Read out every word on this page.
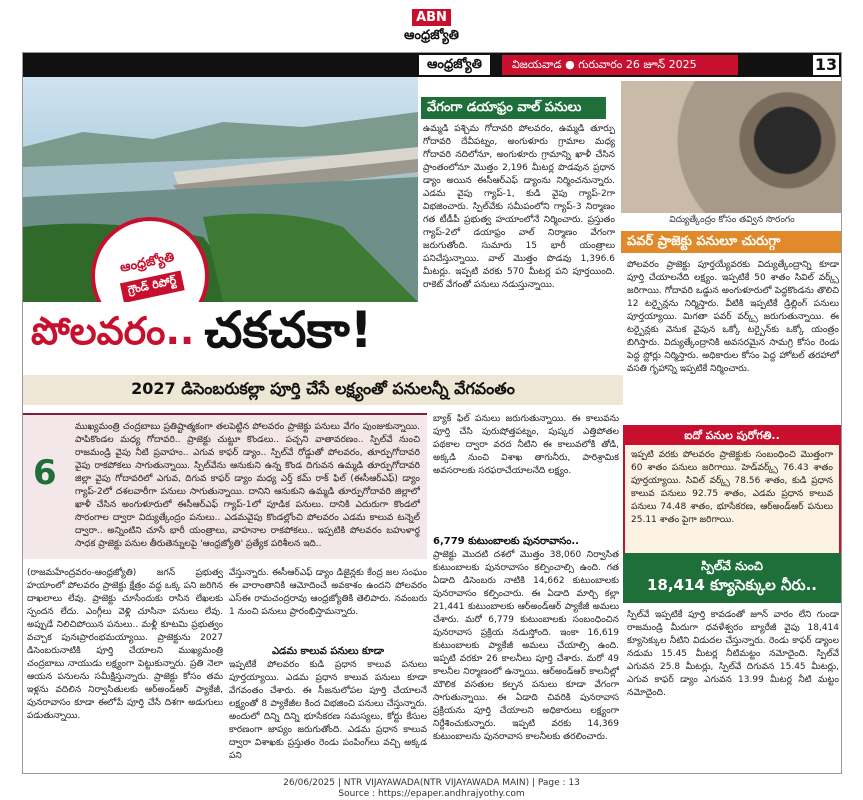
ABN
ఆంధ్రజ్యోతి
ఆంధ్రజ్యోతి	విజయవాడ ● గురువారం 26 జూన్ 2025	13
ఆంధ్రజ్యోతి
గ్రౌండ్ రిపోర్ట్
వేగంగా డయాఫ్రం వాల్ పనులు

ఉమ్మడి పశ్చిమ గోదావరి పోలవరం, ఉమ్మడి తూర్పు గోదావరి దేవీపట్నం, అంగుళూరు గ్రామాల మధ్య గోదావరి నదిలోనూ, అంగుళూరు గ్రామాన్ని ఖాళీ చేసిన ప్రాంతంలోనూ మొత్తం 2,196 మీటర్ల పొడవున ప్రధాన డ్యాం అయిన ఈసీఆర్ఎఫ్ డ్యాంను నిర్మించనున్నారు. ఎడమ వైపు గ్యాప్-1, కుడి వైపు గ్యాప్-2గా విభజించారు. స్పిల్‌వేకు సమీపంలోని గ్యాప్-3 నిర్మాణం గత టీడీపీ ప్రభుత్వ హయాంలోనే నిర్మించారు. ప్రస్తుతం గ్యాప్-2లో డయాఫ్రం వాల్ నిర్మాణం వేగంగా జరుగుతోంది. సుమారు 15 భారీ యంత్రాలు పనిచేస్తున్నాయి. వాల్ మొత్తం పొడవు 1,396.6 మీటర్లు. ఇప్పటి వరకు 570 మీటర్ల పని పూర్తయింది. రాకెట్ వేగంతో పనులు నడుస్తున్నాయి.

విద్యుత్కేంద్రం కోసం తవ్విన సొరంగం
పవర్ ప్రాజెక్టు పనులూ చురుగ్గా

పోలవరం ప్రాజెక్టు పూర్తయ్యేవరకు విద్యుత్కేంద్రాన్ని కూడా పూర్తి చేయాలనేది లక్ష్యం. ఇప్పటికే 50 శాతం సివిల్ వర్క్స్ జరిగాయి. గోదావరి ఒడ్డున అంగుళూరులో పెద్దకొండను తొలిచి 12 టర్బైన్లను నిర్మిస్తారు. వీటికి ఇప్పటికే డ్రిల్లింగ్ పనులు పూర్తయ్యాయి. మిగతా పవర్ వర్క్స్ జరుగుతున్నాయి. ఈ టర్బైన్లకు వెనుక వైపున ఒక్కో టర్బైన్‌కు ఒక్కో యంత్రం బిగిస్తారు. విద్యుత్కేంద్రానికి అవసరమైన సామగ్రి కోసం రెండు పెద్ద స్టోర్లు నిర్మిస్తారు. అధికారుల కోసం పెద్ద హోటల్ తరహాలో వసతి గృహాన్ని ఇప్పటికే నిర్మించారు.

ఐదో పనుల పురోగతి..

ఇప్పటి వరకు పోలవరం ప్రాజెక్టుకు సంబంధించి మొత్తంగా 60 శాతం పనులు జరిగాయి. హెడ్‌వర్క్స్ 76.43 శాతం పూర్తయ్యాయి. సివిల్ వర్క్స్ 78.56 శాతం, కుడి ప్రధాన కాలువ పనులు 92.75 శాతం, ఎడమ ప్రధాన కాలువ పనులు 74.48 శాతం, భూసేకరణ, ఆర్అండ్ఆర్ పనులు 25.11 శాతం పైగా జరిగాయి.

స్పిల్‌వే నుంచి
18,414 క్యూసెక్కుల నీరు..

స్పిల్‌వే ఇప్పటికే పూర్తి కావడంతో జూన్ వారం లేని గుండా రాజమండ్రి మీదుగా ధవళేశ్వరం బ్యారేజీ వైపు 18,414 క్యూసెక్కుల నీటిని విడుదల చేస్తున్నారు. రెండు కాఫర్ డ్యాంల నడుమ 15.45 మీటర్ల నీటిమట్టం నమోదైంది. స్పిల్‌వే ఎగువన 25.8 మీటర్లు, స్పిల్‌వే దిగువన 15.45 మీటర్లు, ఎగువ కాఫర్ డ్యాం ఎగువన 13.99 మీటర్ల నీటి మట్టం నమోదైంది.

పోలవరం.. చకచకా!
2027 డిసెంబరుకల్లా పూర్తి చేసే లక్ష్యంతో పనులన్నీ వేగవంతం
6

ముఖ్యమంత్రి చంద్రబాబు ప్రతిష్టాత్మకంగా తలపెట్టిన పోలవరం ప్రాజెక్టు పనులు వేగం పుంజుకున్నాయి. పాపికొండల మధ్య గోదావరి.. ప్రాజెక్టు చుట్టూ కొండలు.. పచ్చని వాతావరణం.. స్పిల్‌వే నుంచి రాజమండ్రి వైపు నీటి ప్రవాహం.. ఎగువ కాఫర్ డ్యాం.. స్పిల్‌వే రోడ్డుతో పోలవరం, తూర్పుగోదావరి వైపు రాకపోకలు సాగుతున్నాయి. స్పిల్‌వేను ఆనుకుని ఉన్న కొండ దిగువన ఉమ్మడి తూర్పుగోదావరి జిల్లా వైపు గోదావరిలో ఎగువ, దిగువ కాఫర్ డ్యాం మధ్య ఎర్త్ కమ్ రాక్ ఫిల్ (ఈసీఆర్ఎఫ్) డ్యాం గ్యాప్-2లో దశలవారీగా పనులు సాగుతున్నాయి. దానిని ఆనుకుని ఉమ్మడి తూర్పుగోదావరి జిల్లాలో ఖాళీ చేసిన అంగుళూరులో ఈసీఆర్ఎఫ్ గ్యాప్-1లో పూడిక పనులు. దానికి ఎదురుగా కొండలో సొరంగాల ద్వారా విద్యుత్కేంద్రం పనులు.. ఎడమవైపు కొండల్లోంచి పోలవరం ఎడమ కాలువ టన్నెల్ ద్వారా.. అన్నింటిని చూసే భారీ యంత్రాలు, వాహనాల రాకపోకలు.. ఇప్పటికి పోలవరం బహుళార్థ సాధక ప్రాజెక్టు పనుల తీరుతెన్నులపై 'ఆంధ్రజ్యోతి' ప్రత్యేక పరిశీలన ఇది..

బ్యాక్ ఫిల్ పనులు జరుగుతున్నాయి. ఈ కాలువను పూర్తి చేసి పురుషోత్తపట్నం, పుష్కర ఎత్తిపోతల పథకాల ద్వారా వరద నీటిని ఈ కాలువలోకి తోడి, అక్కడి నుంచి విశాఖ తాగునీరు, పారిశ్రామిక అవసరాలకు సరఫరాచేయాలనేది లక్ష్యం.

6,779 కుటుంబాలకు పునరావాసం..

ప్రాజెక్టు మొదటి దశలో మొత్తం 38,060 నిర్వాసిత కుటుంబాలకు పునరావాసం కల్పించాల్సి ఉంది. గత ఏడాది డిసెంబరు నాటికి 14,662 కుటుంబాలకు పునరావాసం కల్పించారు. ఈ ఏడాది మార్చి కల్లా 21,441 కుటుంబాలకు ఆర్అండ్ఆర్ ప్యాకేజీ అమలు చేశారు. మరో 6,779 కుటుంబాలకు సంబంధించిన పునరావాస ప్రక్రియ నడుస్తోంది. ఇంకా 16,619 కుటుంబాలకు ప్యాకేజీ అమలు చేయాల్సి ఉంది. ఇప్పటి వరకూ 26 కాలనీలు పూర్తి చేశారు. మరో 49 కాలనీల నిర్మాణంలో ఉన్నాయి. ఆర్అండ్ఆర్ కాలనీల్లో మౌలిక వసతుల కల్పన పనులు కూడా వేగంగా సాగుతున్నాయి. ఈ ఏడాది చివరికి పునరావాస ప్రక్రియను పూర్తి చేయాలని అధికారులు లక్ష్యంగా నిర్దేశించుకున్నారు. ఇప్పటి వరకు 14,369 కుటుంబాలను పునరావాస కాలనీలకు తరలించారు.

(రాజమహేంద్రవరం-ఆంధ్రజ్యోతి) జగన్ ప్రభుత్వ హయాంలో పోలవరం ప్రాజెక్టు క్షేత్రం వద్ద ఒక్క పని జరిగిన దాఖలాలు లేవు. ప్రాజెక్టు చూసేందుకు రాసిన లేఖలకు స్పందన లేదు. ఎంగ్గీలు వెళ్లి చూసినా పనులు లేవు. అప్పుడే నిలిచిపోయిన పనులు.. మళ్లీ కూటమి ప్రభుత్వం వచ్చాక పునఃప్రారంభమయ్యాయి. ప్రాజెక్టును 2027 డిసెంబరునాటికి పూర్తి చేయాలని ముఖ్యమంత్రి చంద్రబాబు నాయుడు లక్ష్యంగా పెట్టుకున్నారు. ప్రతి నెలా ఆయన పనులను సమీక్షిస్తున్నారు. ప్రాజెక్టు కోసం తమ ఇళ్లను వదిలిన నిర్వాసితులకు ఆర్అండ్ఆర్ ప్యాకేజీ, పునరావాసం కూడా ఈలోపే పూర్తి చేసే దిశగా అడుగులు పడుతున్నాయి.

వేస్తున్నారు. ఈసీఆర్ఎఫ్ డ్యాం డిజైన్లకు కేంద్ర జల సంఘం ఈ వారాంతానికి ఆమోదించే అవకాశం ఉందని పోలవరం ఎస్ఈ రామచంద్రరావు ఆంధ్రజ్యోతికి తెలిపారు. నవంబరు 1 నుంచి పనులు ప్రారంభిస్తామన్నారు.

ఎడమ కాలువ పనులు కూడా

ఇప్పటికే పోలవరం కుడి ప్రధాన కాలువ పనులు పూర్తయ్యాయి. ఎడమ ప్రధాన కాలువ పనులు కూడా వేగవంతం చేశారు. ఈ సీజనులోపల పూర్తి చేయాలనే లక్ష్యంతో 8 ప్యాకేజీల కింద విభజించి పనులు చేస్తున్నారు. అందులో దిన్ని దిన్ని భూసేకరణ సమస్యలు, కోర్టు కేసుల కారణంగా జాప్యం జరుగుతోంది. ఎడమ ప్రధాన కాలువ ద్వారా విశాఖకు ప్రస్తుతం రెండు పంపింగ్‌లు వచ్చి అక్కడ పని

26/06/2025 | NTR VIJAYAWADA(NTR VIJAYAWADA MAIN) | Page : 13
Source : https://epaper.andhrajyothy.com
